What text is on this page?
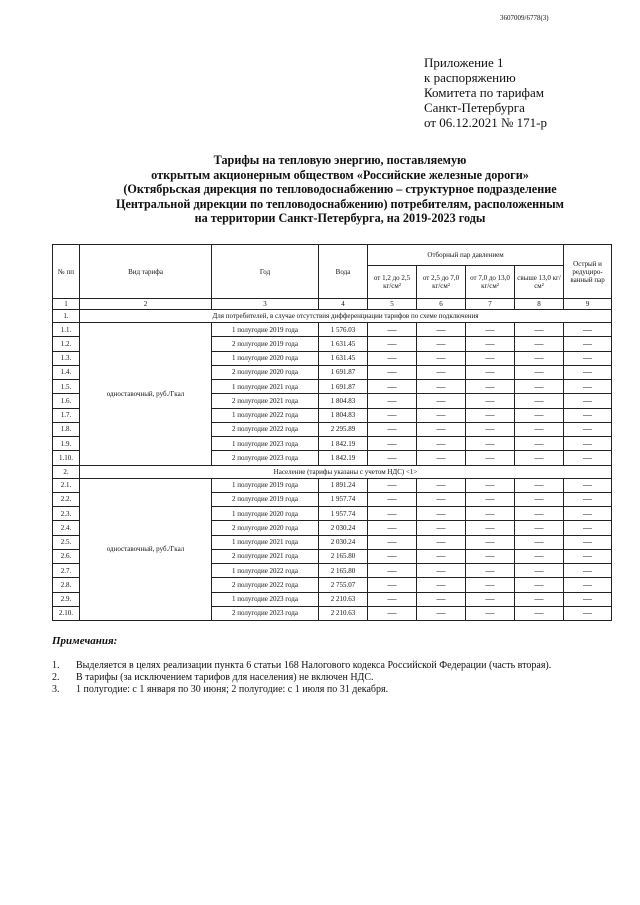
3607009/6778(3)
Приложение 1
к распоряжению
Комитета по тарифам
Санкт-Петербурга
от 06.12.2021 № 171-р
Тарифы на тепловую энергию, поставляемую
открытым акционерным обществом «Российские железные дороги»
(Октябрьская дирекция по тепловодоснабжению – структурное подразделение
Центральной дирекции по тепловодоснабжению) потребителям, расположенным
на территории Санкт-Петербурга, на 2019-2023 годы
№ пп	Вид тарифа	Год	Вода	Отборный пар давлением				Острый и редуциро-ванный пар
				от 1,2 до 2,5 кг/см²	от 2,5 до 7,0 кг/см²	от 7,0 до 13,0 кг/см²	свыше 13,0 кг/см²	
1	2	3	4	5	6	7	8	9
1.	Для потребителей, в случае отсутствия дифференциации тарифов по схеме подключения							
1.1.	одноставочный, руб./Гкал	1 полугодие 2019 года	1 576.03	—	—	—	—	—
1.2.		2 полугодие 2019 года	1 631.45	—	—	—	—	—
1.3.		1 полугодие 2020 года	1 631.45	—	—	—	—	—
1.4.		2 полугодие 2020 года	1 691.87	—	—	—	—	—
1.5.		1 полугодие 2021 года	1 691.87	—	—	—	—	—
1.6.		2 полугодие 2021 года	1 804.83	—	—	—	—	—
1.7.		1 полугодие 2022 года	1 804.83	—	—	—	—	—
1.8.		2 полугодие 2022 года	2 295.89	—	—	—	—	—
1.9.		1 полугодие 2023 года	1 842.19	—	—	—	—	—
1.10.		2 полугодие 2023 года	1 842.19	—	—	—	—	—
2.	Население (тарифы указаны с учетом НДС) <1>							
2.1.	одноставочный, руб./Гкал	1 полугодие 2019 года	1 891.24	—	—	—	—	—
2.2.		2 полугодие 2019 года	1 957.74	—	—	—	—	—
2.3.		1 полугодие 2020 года	1 957.74	—	—	—	—	—
2.4.		2 полугодие 2020 года	2 030.24	—	—	—	—	—
2.5.		1 полугодие 2021 года	2 030.24	—	—	—	—	—
2.6.		2 полугодие 2021 года	2 165.80	—	—	—	—	—
2.7.		1 полугодие 2022 года	2 165.80	—	—	—	—	—
2.8.		2 полугодие 2022 года	2 755.07	—	—	—	—	—
2.9.		1 полугодие 2023 года	2 210.63	—	—	—	—	—
2.10.		2 полугодие 2023 года	2 210.63	—	—	—	—	—
Примечания:
1.	Выделяется в целях реализации пункта 6 статьи 168 Налогового кодекса Российской Федерации (часть вторая).
2.	В тарифы (за исключением тарифов для населения) не включен НДС.
3.	1 полугодие: с 1 января по 30 июня; 2 полугодие: с 1 июля по 31 декабря.
